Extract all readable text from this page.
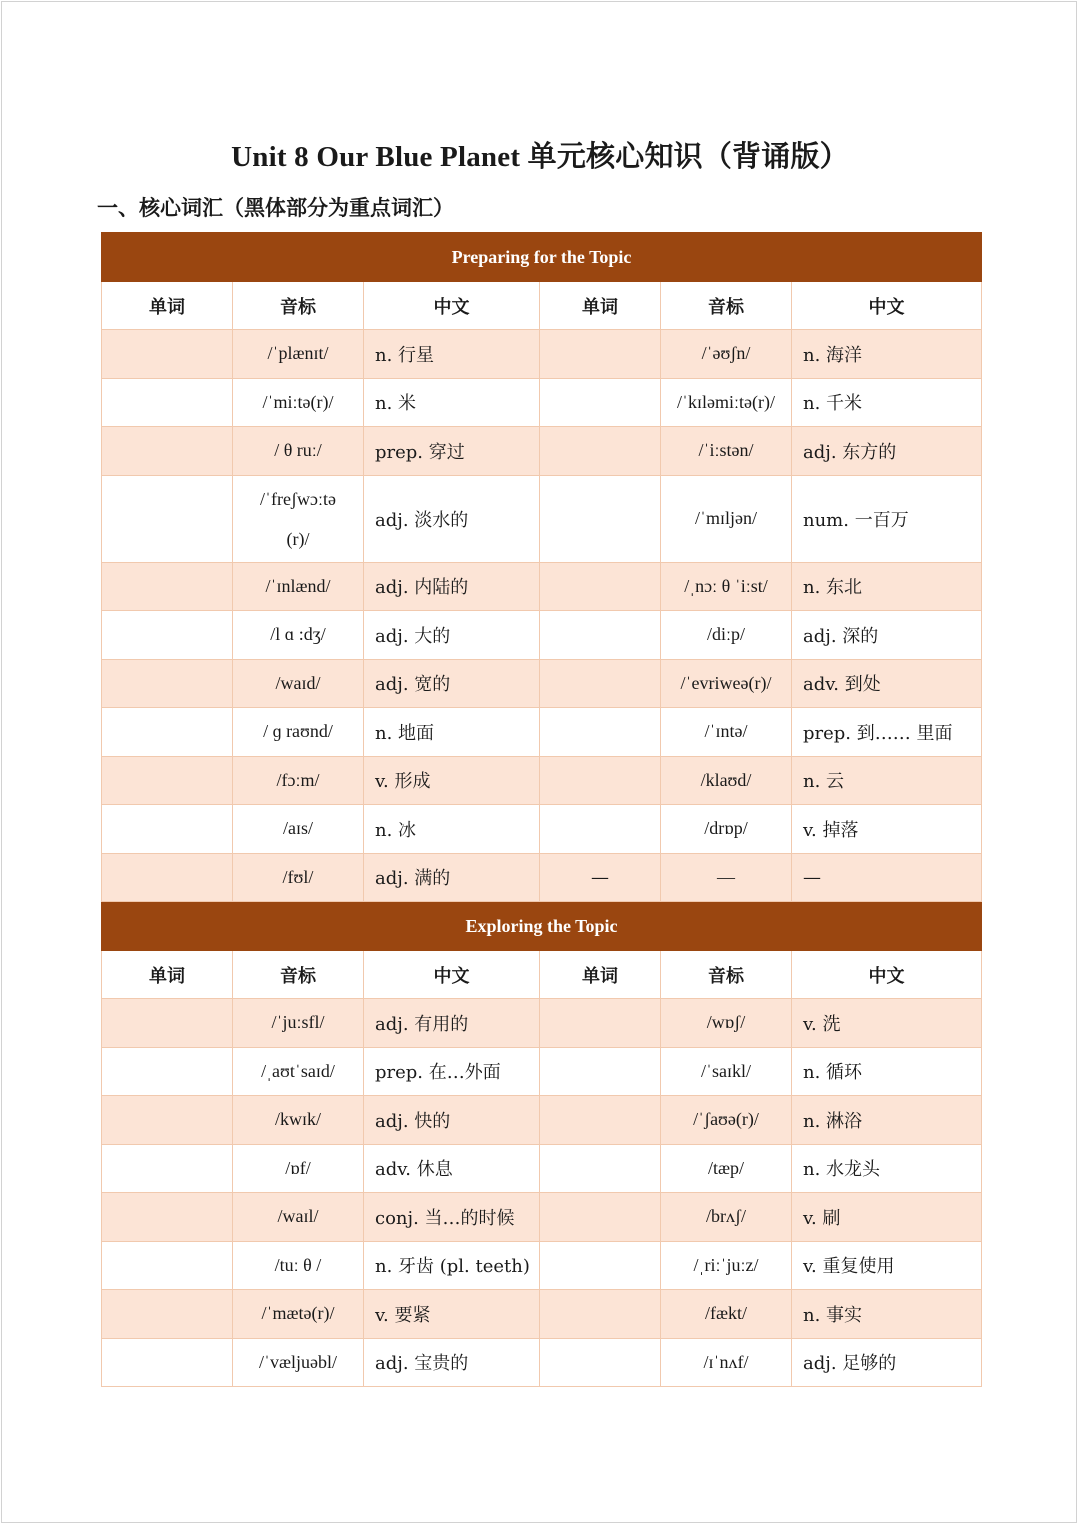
Unit 8 Our Blue Planet 单元核心知识（背诵版）
一、核心词汇（黑体部分为重点词汇）
Preparing for the Topic					
单词	音标	中文	单词	音标	中文
	/ˈplænɪt/	n. 行星		/ˈəʊʃn/	n. 海洋
	/ˈmiːtə(r)/	n. 米		/ˈkɪləmiːtə(r)/	n. 千米
	/ θ ruː/	prep. 穿过		/ˈiːstən/	adj. 东方的
	/ˈfreʃwɔːtə(r)/	adj. 淡水的		/ˈmɪljən/	num. 一百万
	/ˈɪnlænd/	adj. 内陆的		/ˌnɔː θ ˈiːst/	n. 东北
	/l ɑ :dʒ/	adj. 大的		/diːp/	adj. 深的
	/waɪd/	adj. 宽的		/ˈevriweə(r)/	adv. 到处
	/ ɡ raʊnd/	n. 地面		/ˈɪntə/	prep. 到…… 里面
	/fɔːm/	v. 形成		/klaʊd/	n. 云
	/aɪs/	n. 冰		/drɒp/	v. 掉落
	/fʊl/	adj. 满的	—	—	—
Exploring the Topic					
单词	音标	中文	单词	音标	中文
	/ˈjuːsfl/	adj. 有用的		/wɒʃ/	v. 洗
	/ˌaʊtˈsaɪd/	prep. 在…外面		/ˈsaɪkl/	n. 循环
	/kwɪk/	adj. 快的		/ˈʃaʊə(r)/	n. 淋浴
	/ɒf/	adv. 休息		/tæp/	n. 水龙头
	/waɪl/	conj. 当…的时候		/brʌʃ/	v. 刷
	/tuː θ /	n. 牙齿 (pl. teeth)		/ˌriːˈjuːz/	v. 重复使用
	/ˈmætə(r)/	v. 要紧		/fækt/	n. 事实
	/ˈvæljuəbl/	adj. 宝贵的		/ɪˈnʌf/	adj. 足够的
